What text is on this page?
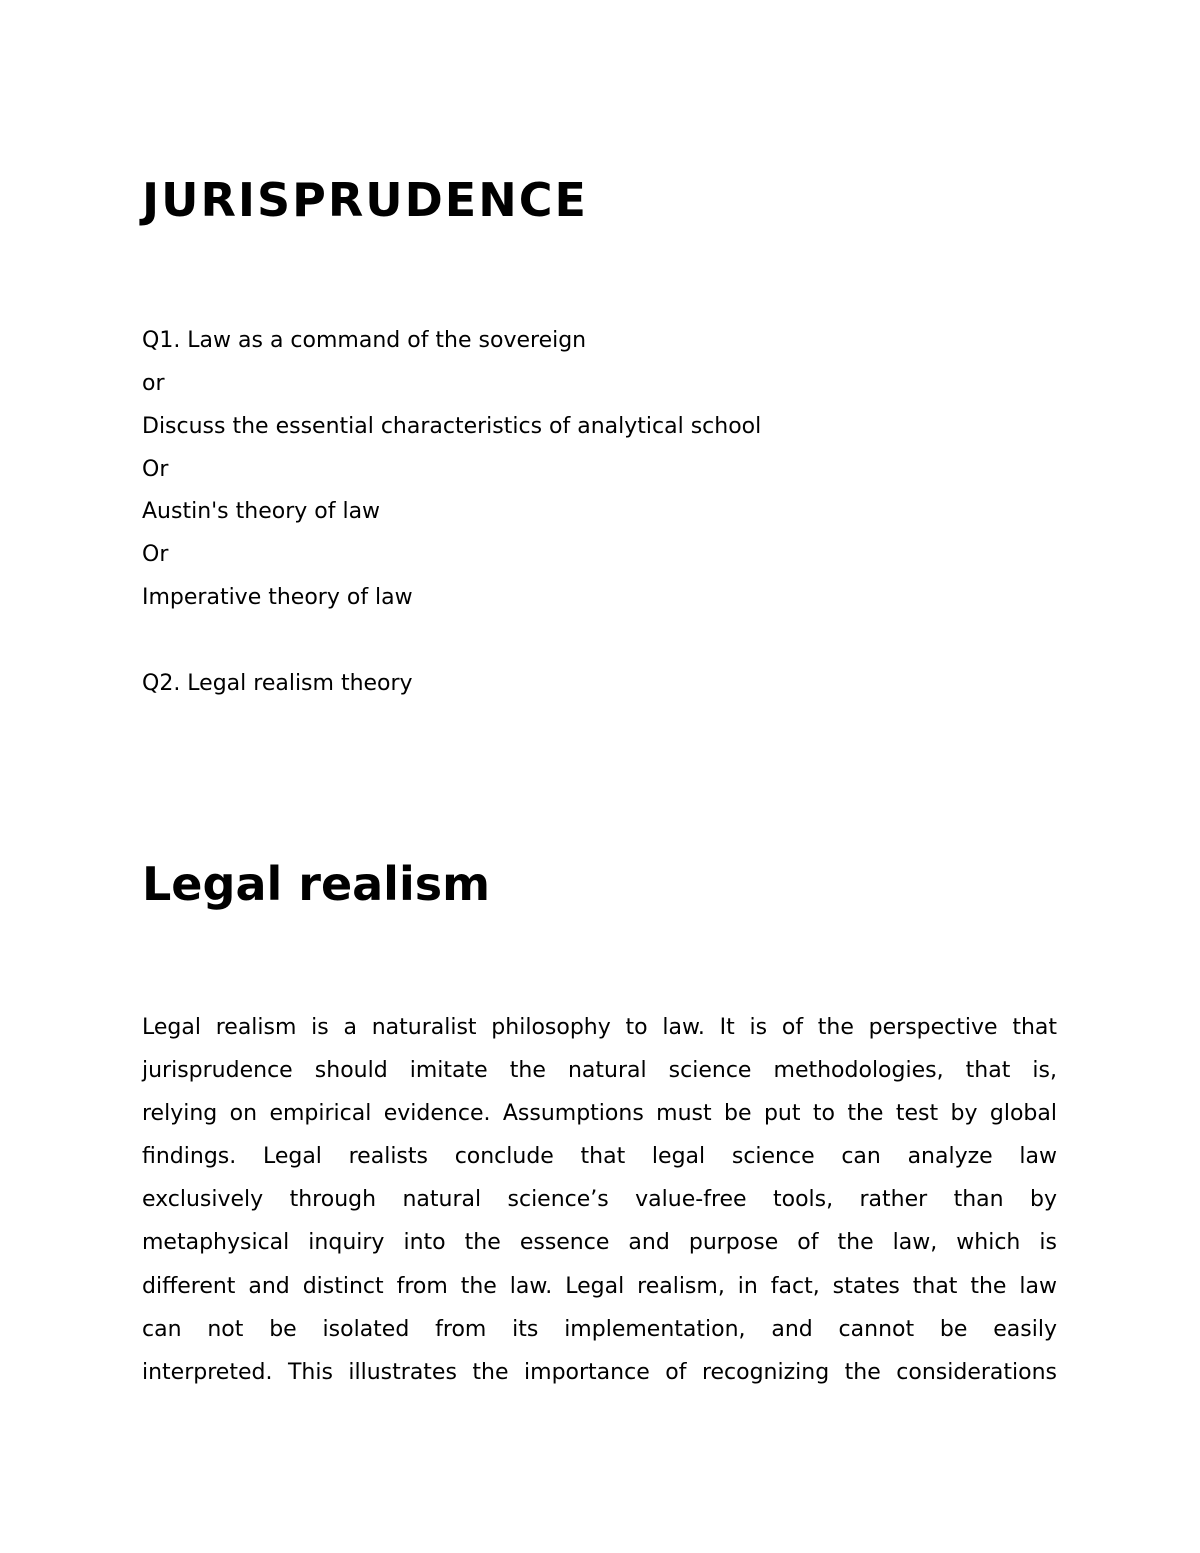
JURISPRUDENCE

Q1. Law as a command of the sovereign

or

Discuss the essential characteristics of analytical school

Or

Austin's theory of law

Or

Imperative theory of law

Q2. Legal realism theory

Legal realism
Legal realism is a naturalist philosophy to law. It is of the perspective that
jurisprudence should imitate the natural science methodologies, that is,
relying on empirical evidence. Assumptions must be put to the test by global
findings. Legal realists conclude that legal science can analyze law
exclusively through natural science’s value-free tools, rather than by
metaphysical inquiry into the essence and purpose of the law, which is
different and distinct from the law. Legal realism, in fact, states that the law
can not be isolated from its implementation, and cannot be easily
interpreted. This illustrates the importance of recognizing the considerations
